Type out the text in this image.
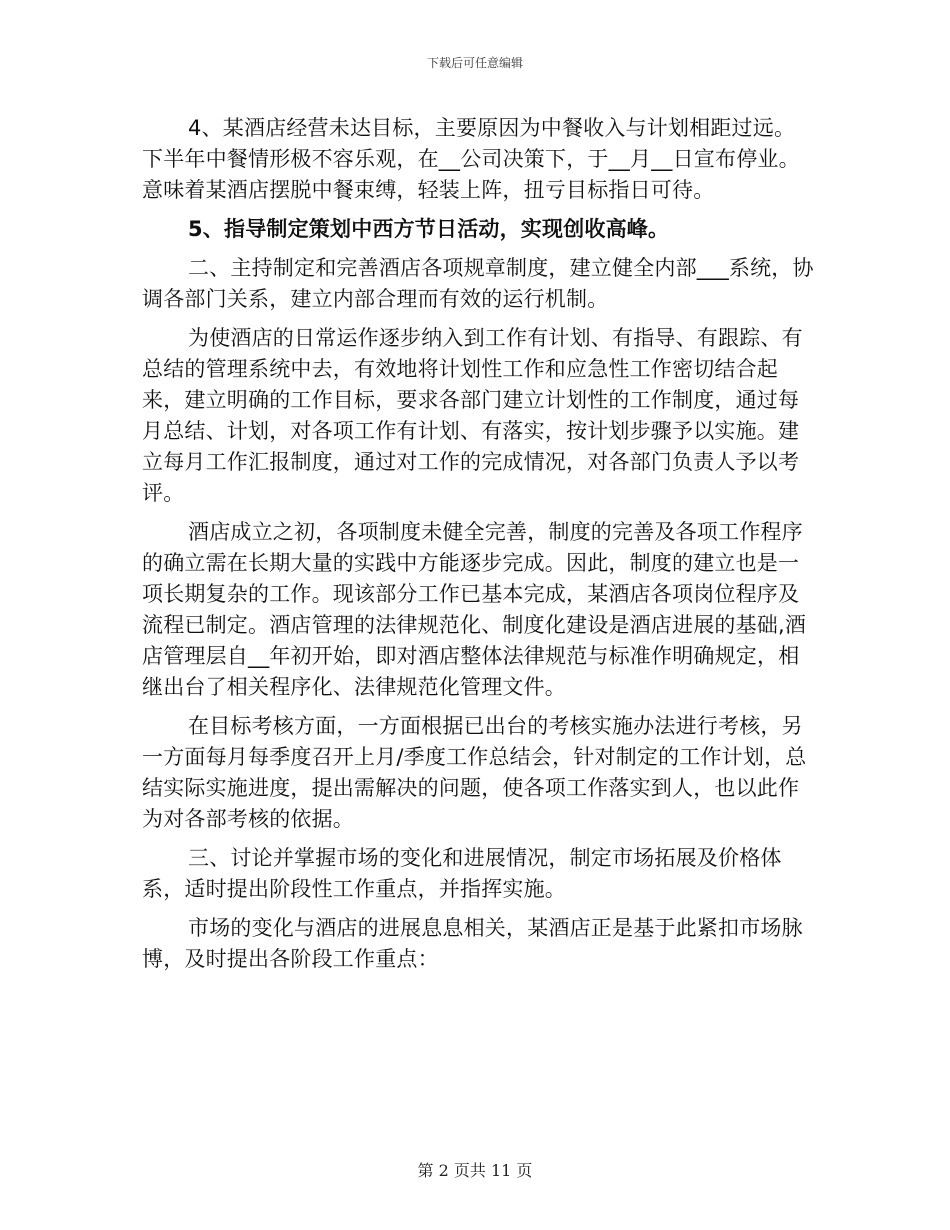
下载后可任意编辑

4、某酒店经营未达目标，主要原因为中餐收入与计划相距过远。下半年中餐情形极不容乐观，在__公司决策下，于__月__日宣布停业。意味着某酒店摆脱中餐束缚，轻装上阵，扭亏目标指日可待。

5、指导制定策划中西方节日活动，实现创收高峰。

二、主持制定和完善酒店各项规章制度，建立健全内部___系统，协调各部门关系，建立内部合理而有效的运行机制。

为使酒店的日常运作逐步纳入到工作有计划、有指导、有跟踪、有总结的管理系统中去，有效地将计划性工作和应急性工作密切结合起来，建立明确的工作目标，要求各部门建立计划性的工作制度，通过每月总结、计划，对各项工作有计划、有落实，按计划步骤予以实施。建立每月工作汇报制度，通过对工作的完成情况，对各部门负责人予以考评。

酒店成立之初，各项制度未健全完善，制度的完善及各项工作程序的确立需在长期大量的实践中方能逐步完成。因此，制度的建立也是一项长期复杂的工作。现该部分工作已基本完成，某酒店各项岗位程序及流程已制定。酒店管理的法律规范化、制度化建设是酒店进展的基础,酒店管理层自__年初开始，即对酒店整体法律规范与标准作明确规定，相继出台了相关程序化、法律规范化管理文件。

在目标考核方面，一方面根据已出台的考核实施办法进行考核，另一方面每月每季度召开上月/季度工作总结会，针对制定的工作计划，总结实际实施进度，提出需解决的问题，使各项工作落实到人，也以此作为对各部考核的依据。

三、讨论并掌握市场的变化和进展情况，制定市场拓展及价格体系，适时提出阶段性工作重点，并指挥实施。

市场的变化与酒店的进展息息相关，某酒店正是基于此紧扣市场脉博，及时提出各阶段工作重点：

第 2 页共 11 页
